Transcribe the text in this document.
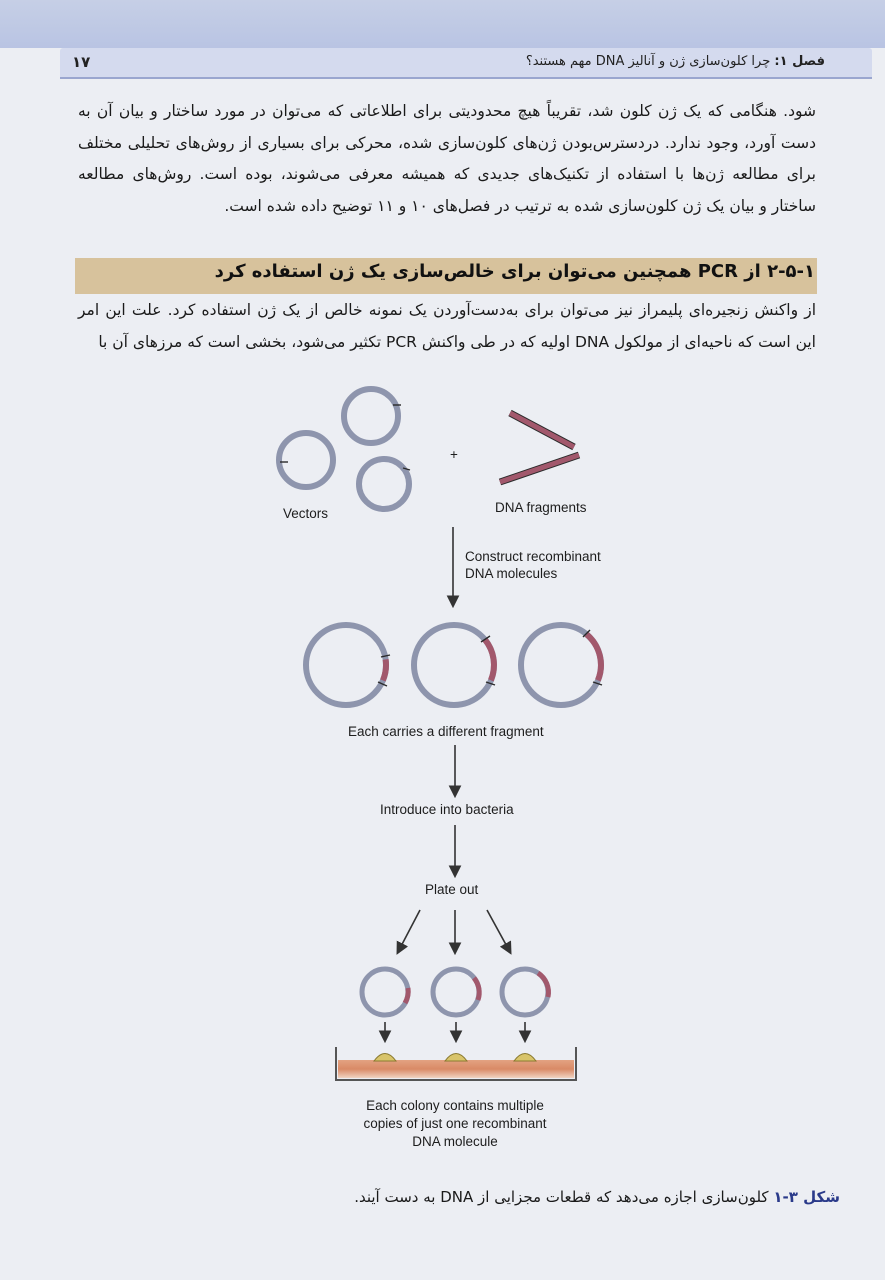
۱۷	فصل ۱: چرا کلون‌سازی ژن و آنالیز DNA مهم هستند؟
شود. هنگامی که یک ژن کلون شد، تقریباً هیچ محدودیتی برای اطلاعاتی که می‌توان در مورد ساختار و بیان آن به دست آورد، وجود ندارد. دردسترس‌بودن ژن‌های کلون‌سازی شده، محرکی برای بسیاری از روش‌های تحلیلی مختلف برای مطالعه ژن‌ها با استفاده از تکنیک‌های جدیدی که همیشه معرفی می‌شوند، بوده است. روش‌های مطالعه ساختار و بیان یک ژن کلون‌سازی شده به ترتیب در فصل‌های ۱۰ و ۱۱ توضیح داده شده است.
۲-۵-۱ از PCR همچنین می‌توان برای خالص‌سازی یک ژن استفاده کرد
از واکنش زنجیره‌ای پلیمراز نیز می‌توان برای به‌دست‌آوردن یک نمونه خالص از یک ژن استفاده کرد. علت این امر این است که ناحیه‌ای از مولکول DNA اولیه که در طی واکنش PCR تکثیر می‌شود، بخشی است که مرزهای آن با
+
Vectors	DNA fragments
Construct recombinant
DNA molecules
Each carries a different fragment
Introduce into bacteria
Plate out
Each colony contains multiple
copies of just one recombinant
DNA molecule
شکل ۳-۱ کلون‌سازی اجازه می‌دهد که قطعات مجزایی از DNA به دست آیند.
